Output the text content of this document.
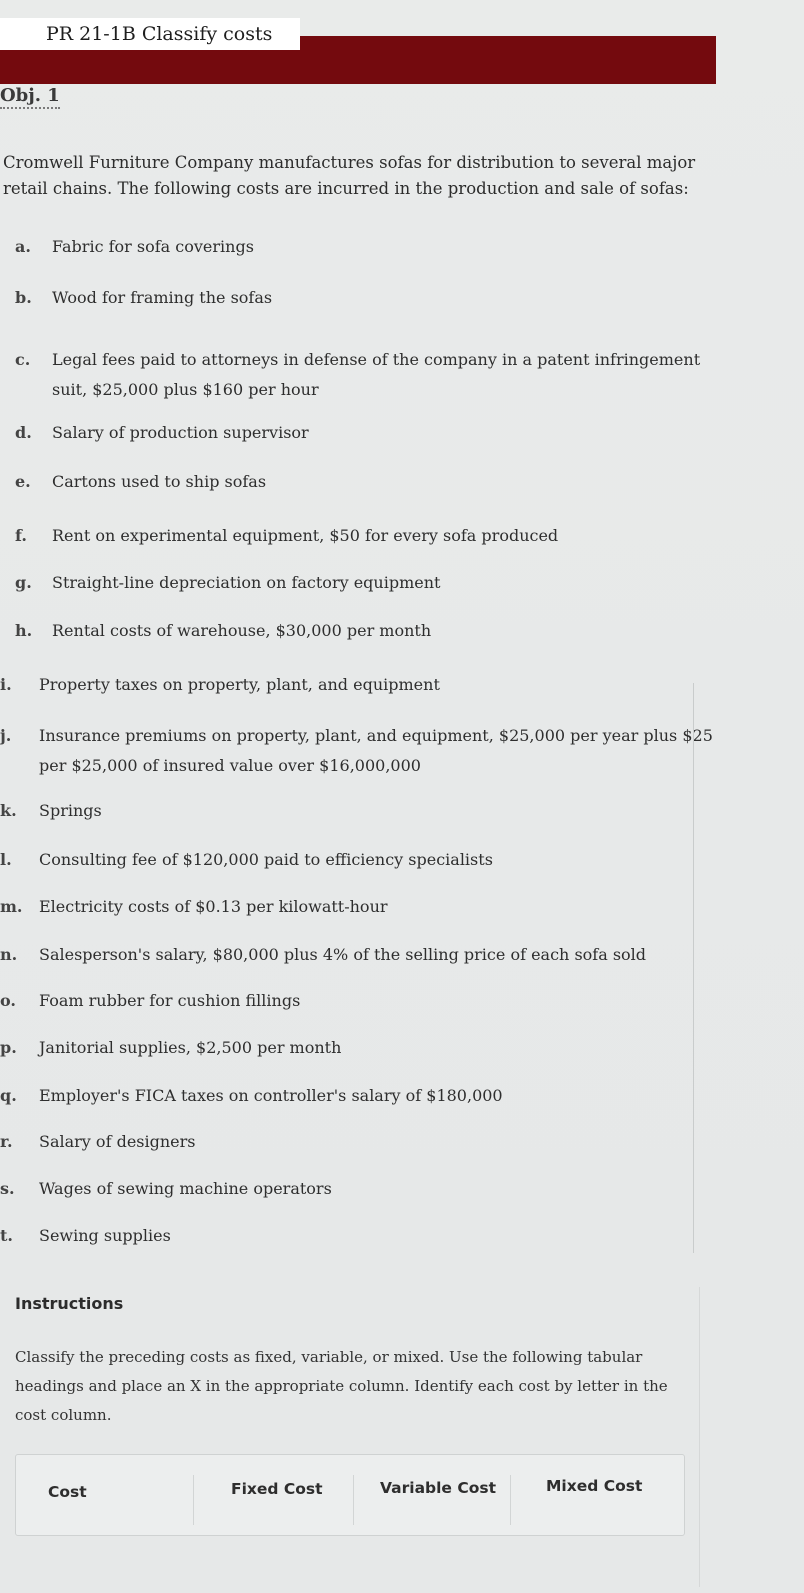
PR 21-1B Classify costs
Obj. 1
Cromwell Furniture Company manufactures sofas for distribution to several major retail chains. The following costs are incurred in the production and sale of sofas:
a. Fabric for sofa coverings
b. Wood for framing the sofas
c. Legal fees paid to attorneys in defense of the company in a patent infringement suit, $25,000 plus $160 per hour
d. Salary of production supervisor
e. Cartons used to ship sofas
f. Rent on experimental equipment, $50 for every sofa produced
g. Straight-line depreciation on factory equipment
h. Rental costs of warehouse, $30,000 per month
i. Property taxes on property, plant, and equipment
j. Insurance premiums on property, plant, and equipment, $25,000 per year plus $25 per $25,000 of insured value over $16,000,000
k. Springs
l. Consulting fee of $120,000 paid to efficiency specialists
m. Electricity costs of $0.13 per kilowatt-hour
n. Salesperson's salary, $80,000 plus 4% of the selling price of each sofa sold
o. Foam rubber for cushion fillings
p. Janitorial supplies, $2,500 per month
q. Employer's FICA taxes on controller's salary of $180,000
r. Salary of designers
s. Wages of sewing machine operators
t. Sewing supplies
Instructions
Classify the preceding costs as fixed, variable, or mixed. Use the following tabular headings and place an X in the appropriate column. Identify each cost by letter in the cost column.
Cost	Fixed Cost	Variable Cost	Mixed Cost
